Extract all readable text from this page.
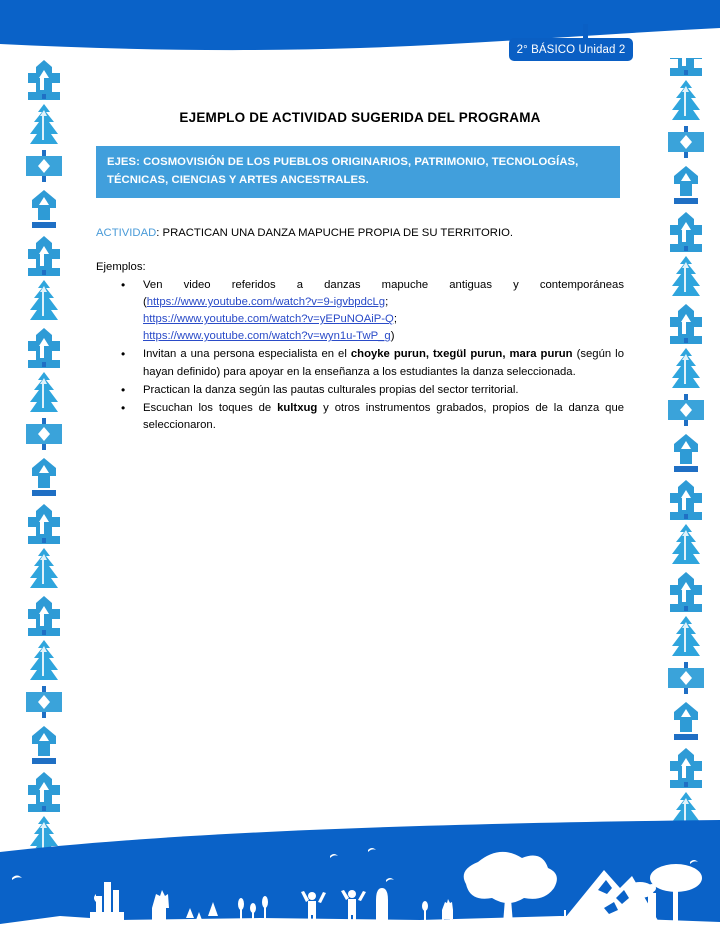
2° BÁSICO Unidad 2
EJEMPLO DE ACTIVIDAD SUGERIDA DEL PROGRAMA
EJES: COSMOVISIÓN DE LOS PUEBLOS ORIGINARIOS, PATRIMONIO, TECNOLOGÍAS, TÉCNICAS, CIENCIAS Y ARTES ANCESTRALES.
ACTIVIDAD: PRACTICAN UNA DANZA MAPUCHE PROPIA DE SU TERRITORIO.
Ejemplos:
• Ven video referidos a danzas mapuche antiguas y contemporáneas
(https://www.youtube.com/watch?v=9-igvbpdcLg;
https://www.youtube.com/watch?v=yEPuNOAiP-Q;
https://www.youtube.com/watch?v=wyn1u-TwP_g)
• Invitan a una persona especialista en el choyke purun, txegül purun, mara purun (según lo hayan definido) para apoyar en la enseñanza a los estudiantes la danza seleccionada.
• Practican la danza según las pautas culturales propias del sector territorial.
• Escuchan los toques de kultxug y otros instrumentos grabados, propios de la danza que seleccionaron.
